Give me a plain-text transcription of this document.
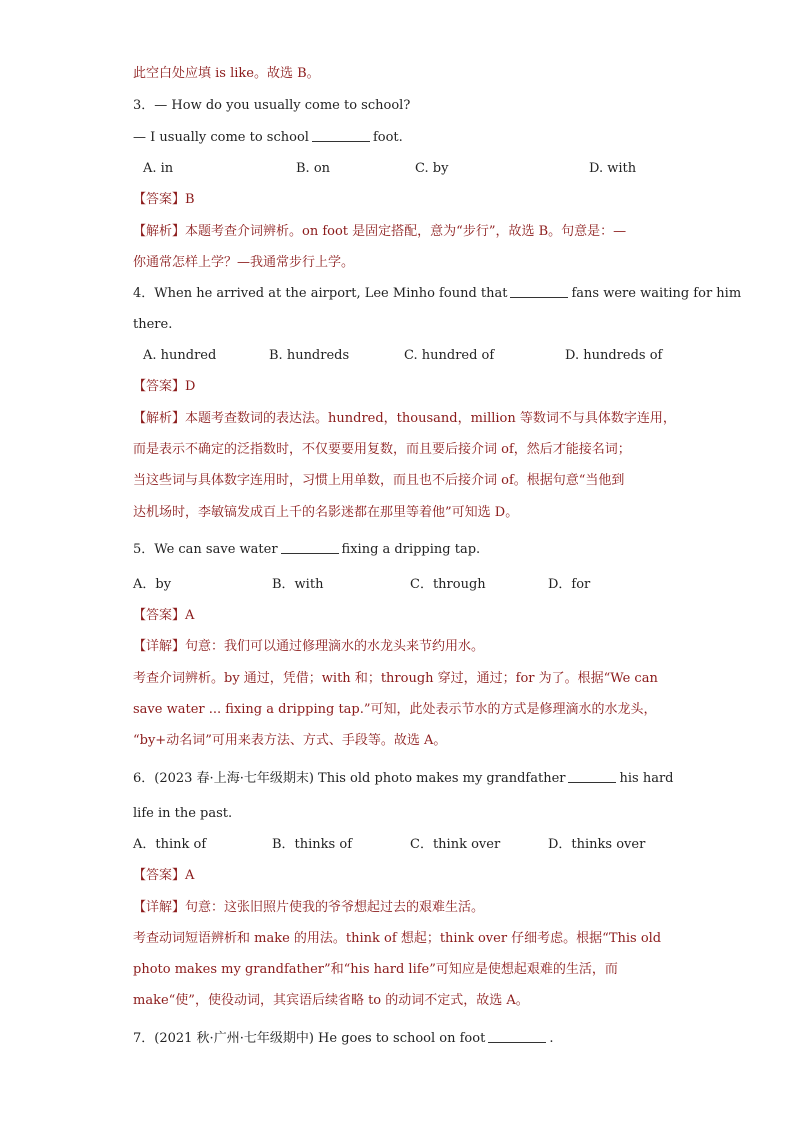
此空白处应填 is like。故选 B。
3．— How do you usually come to school?
— I usually come to school	foot.
A. in	B. on	C. by	D. with
【答案】B
【解析】本题考查介词辨析。on foot 是固定搭配，意为“步行”，故选 B。句意是：—
你通常怎样上学？—我通常步行上学。
4．When he arrived at the airport, Lee Minho found that	fans were waiting for him
there.
A. hundred	B. hundreds	C. hundred of	D. hundreds of
【答案】D
【解析】本题考查数词的表达法。hundred，thousand，million 等数词不与具体数字连用，
而是表示不确定的泛指数时，不仅要要用复数，而且要后接介词 of，然后才能接名词；
当这些词与具体数字连用时，习惯上用单数，而且也不后接介词 of。根据句意“当他到
达机场时，李敏镐发成百上千的名影迷都在那里等着他”可知选 D。
5．We can save water	fixing a dripping tap.
A．by	B．with	C．through	D．for
【答案】A
【详解】句意：我们可以通过修理滴水的水龙头来节约用水。
考查介词辨析。by 通过，凭借；with 和；through 穿过，通过；for 为了。根据“We can
save water ... fixing a dripping tap.”可知，此处表示节水的方式是修理滴水的水龙头，
“by+动名词”可用来表方法、方式、手段等。故选 A。
6．(2023 春·上海·七年级期末) This old photo makes my grandfather	his hard
life in the past.
A．think of	B．thinks of	C．think over	D．thinks over
【答案】A
【详解】句意：这张旧照片使我的爷爷想起过去的艰难生活。
考查动词短语辨析和 make 的用法。think of 想起；think over 仔细考虑。根据“This old
photo makes my grandfather”和“his hard life”可知应是使想起艰难的生活，而
make“使”，使役动词，其宾语后续省略 to 的动词不定式，故选 A。
7．(2021 秋·广州·七年级期中) He goes to school on foot	.
